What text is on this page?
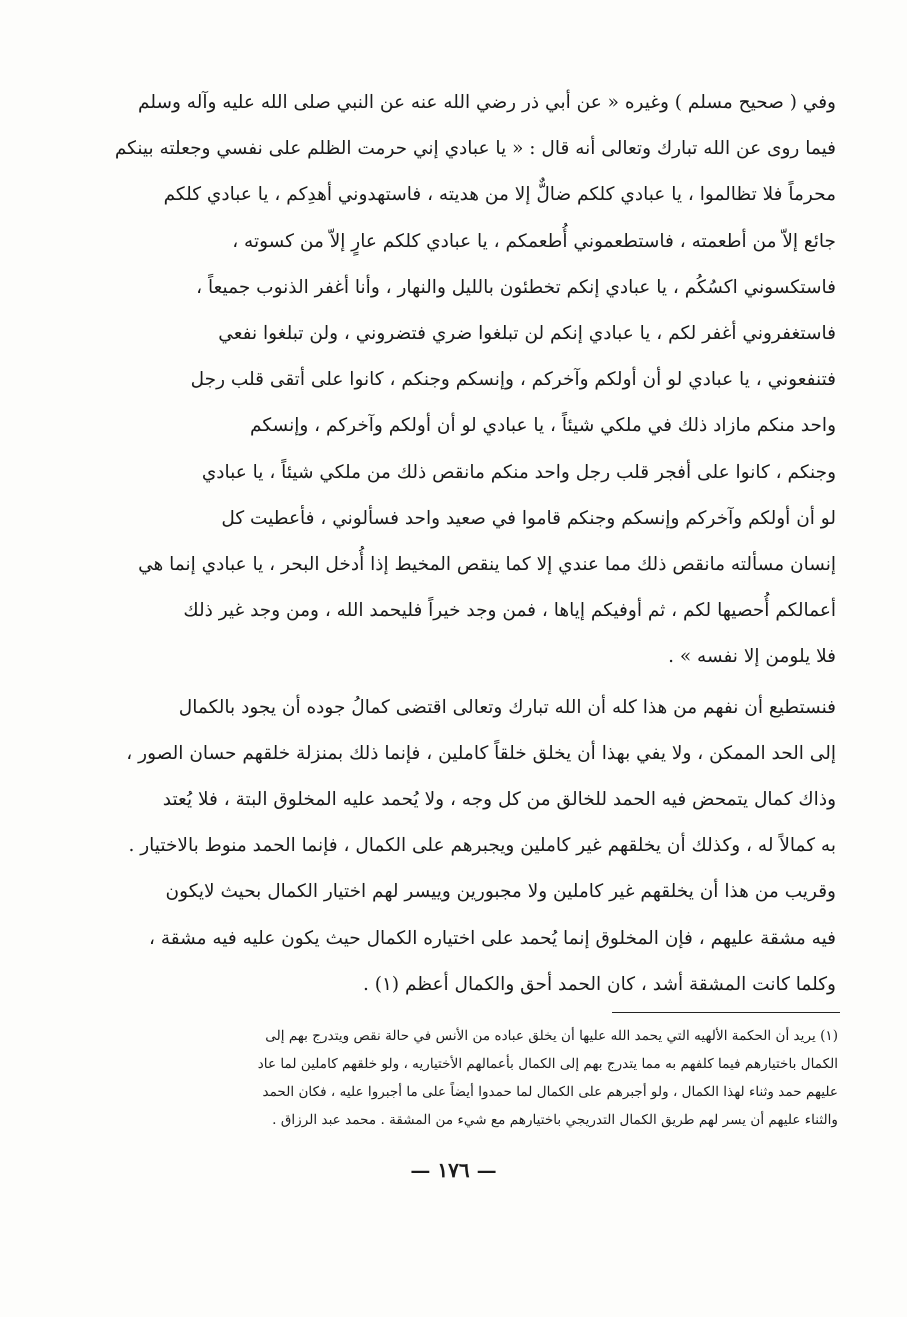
وفي ( صحيح مسلم ) وغيره « عن أبي ذر رضي الله عنه عن النبي صلى الله عليه وآله وسلم
فيما روى عن الله تبارك وتعالى أنه قال : « يا عبادي إني حرمت الظلم على نفسي وجعلته بينكم
محرماً فلا تظالموا ، يا عبادي كلكم ضالٌّ إلا من هديته ، فاستهدوني أهدِكم ، يا عبادي كلكم
جائع إلاّ من أطعمته ، فاستطعموني أُطعمكم ، يا عبادي كلكم عارٍ إلاّ من كسوته ،
فاستكسوني اكسُكُم ، يا عبادي إنكم تخطئون بالليل والنهار ، وأنا أغفر الذنوب جميعاً ،
فاستغفروني أغفر لكم ، يا عبادي إنكم لن تبلغوا ضري فتضروني ، ولن تبلغوا نفعي
فتنفعوني ، يا عبادي لو أن أولكم وآخركم ، وإنسكم وجنكم ، كانوا على أتقى قلب رجل
واحد منكم مازاد ذلك في ملكي شيئاً ، يا عبادي لو أن أولكم وآخركم ، وإنسكم
وجنكم ، كانوا على أفجر قلب رجل واحد منكم مانقص ذلك من ملكي شيئاً ، يا عبادي
لو أن أولكم وآخركم وإنسكم وجنكم قاموا في صعيد واحد فسألوني ، فأعطيت كل
إنسان مسألته مانقص ذلك مما عندي إلا كما ينقص المخيط إذا أُدخل البحر ، يا عبادي إنما هي
أعمالكم أُحصيها لكم ، ثم أوفيكم إياها ، فمن وجد خيراً فليحمد الله ، ومن وجد غير ذلك
فلا يلومن إلا نفسه » .
فنستطيع أن نفهم من هذا كله أن الله تبارك وتعالى اقتضى كمالُ جوده أن يجود بالكمال
إلى الحد الممكن ، ولا يفي بهذا أن يخلق خلقاً كاملين ، فإنما ذلك بمنزلة خلقهم حسان الصور ،
وذاك كمال يتمحض فيه الحمد للخالق من كل وجه ، ولا يُحمد عليه المخلوق البتة ، فلا يُعتد
به كمالاً له ، وكذلك أن يخلقهم غير كاملين ويجبرهم على الكمال ، فإنما الحمد منوط بالاختيار .
وقريب من هذا أن يخلقهم غير كاملين ولا مجبورين وييسر لهم اختيار الكمال بحيث لايكون
فيه مشقة عليهم ، فإن المخلوق إنما يُحمد على اختياره الكمال حيث يكون عليه فيه مشقة ،
وكلما كانت المشقة أشد ، كان الحمد أحق والكمال أعظم (١) .
(١) يريد أن الحكمة الألهيه التي يحمد الله عليها أن يخلق عباده من الأنس في حالة نقص ويتدرج بهم إلى
الكمال باختيارهم فيما كلفهم به مما يتدرج بهم إلى الكمال بأعمالهم الأختياريه ، ولو خلقهم كاملين لما عاد
عليهم حمد وثناء لهذا الكمال ، ولو أجبرهم على الكمال لما حمدوا أيضاً على ما أجبروا عليه ، فكان الحمد
والثناء عليهم أن يسر لهم طريق الكمال التدريجي باختيارهم مع شيء من المشقة . محمد عبد الرزاق .
— ١٧٦ —
